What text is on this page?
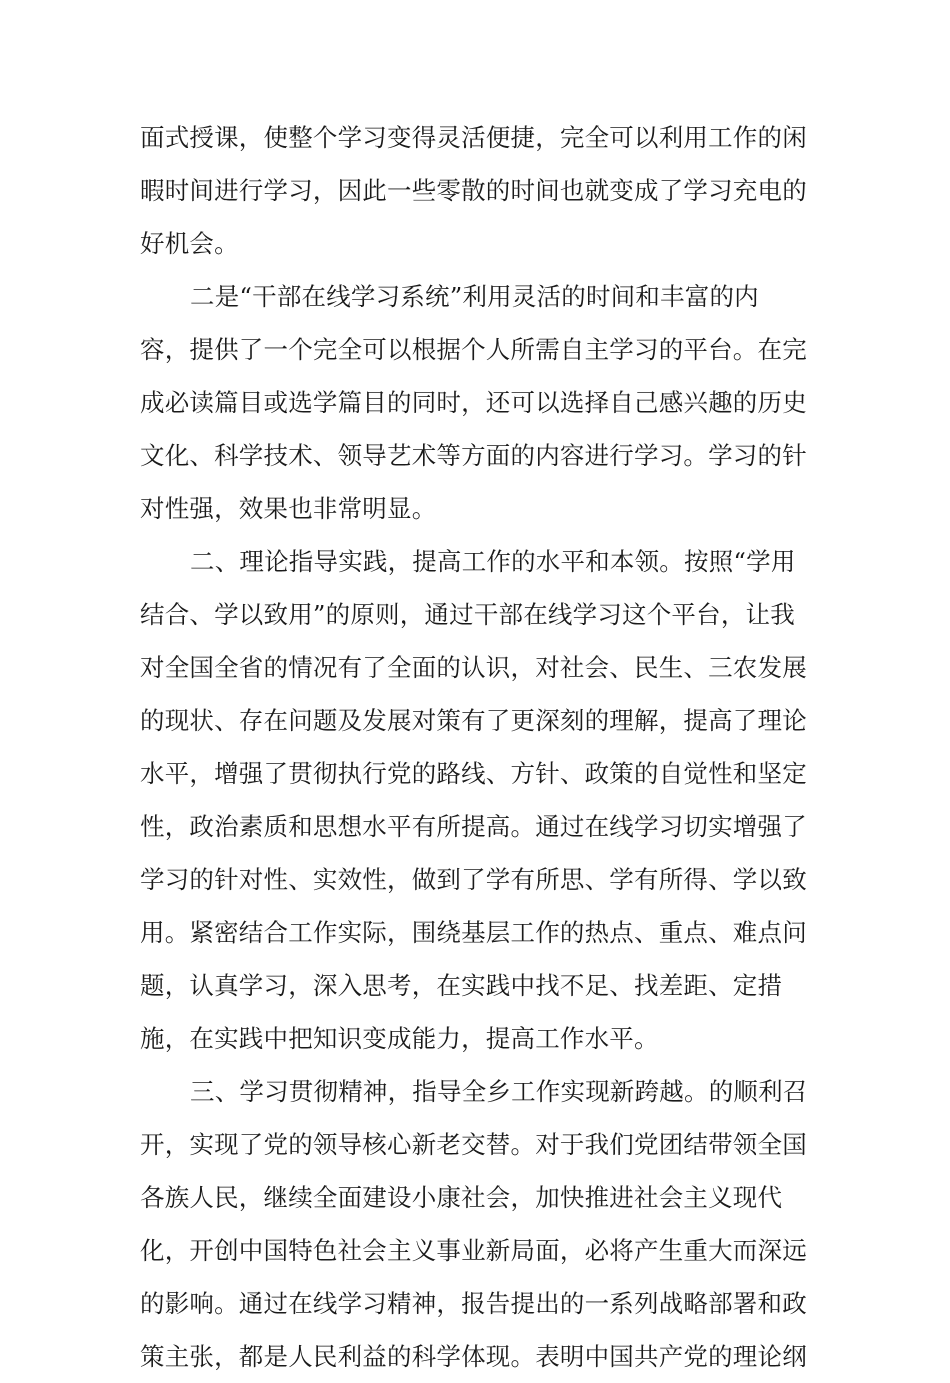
面式授课，使整个学习变得灵活便捷，完全可以利用工作的闲
暇时间进行学习，因此一些零散的时间也就变成了学习充电的
好机会。
二是“干部在线学习系统”利用灵活的时间和丰富的内
容，提供了一个完全可以根据个人所需自主学习的平台。在完
成必读篇目或选学篇目的同时，还可以选择自己感兴趣的历史
文化、科学技术、领导艺术等方面的内容进行学习。学习的针
对性强，效果也非常明显。
二、理论指导实践，提高工作的水平和本领。按照“学用
结合、学以致用”的原则，通过干部在线学习这个平台，让我
对全国全省的情况有了全面的认识，对社会、民生、三农发展
的现状、存在问题及发展对策有了更深刻的理解，提高了理论
水平，增强了贯彻执行党的路线、方针、政策的自觉性和坚定
性，政治素质和思想水平有所提高。通过在线学习切实增强了
学习的针对性、实效性，做到了学有所思、学有所得、学以致
用。紧密结合工作实际，围绕基层工作的热点、重点、难点问
题，认真学习，深入思考，在实践中找不足、找差距、定措
施，在实践中把知识变成能力，提高工作水平。
三、学习贯彻精神，指导全乡工作实现新跨越。的顺利召
开，实现了党的领导核心新老交替。对于我们党团结带领全国
各族人民，继续全面建设小康社会，加快推进社会主义现代
化，开创中国特色社会主义事业新局面，必将产生重大而深远
的影响。通过在线学习精神，报告提出的一系列战略部署和政
策主张，都是人民利益的科学体现。表明中国共产党的理论纲
